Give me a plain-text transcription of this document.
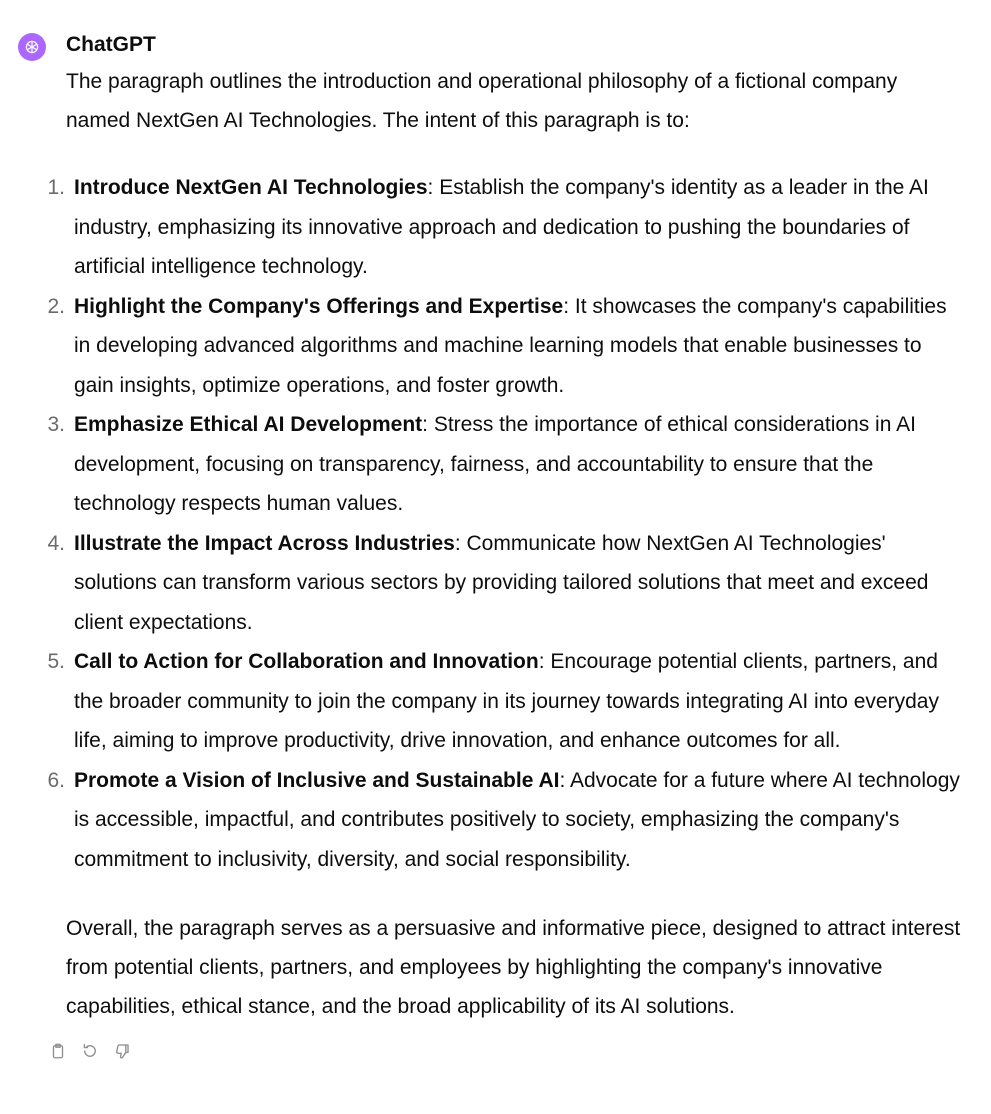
ChatGPT

The paragraph outlines the introduction and operational philosophy of a fictional company named NextGen AI Technologies. The intent of this paragraph is to:

1. Introduce NextGen AI Technologies: Establish the company's identity as a leader in the AI industry, emphasizing its innovative approach and dedication to pushing the boundaries of artificial intelligence technology.
2. Highlight the Company's Offerings and Expertise: It showcases the company's capabilities in developing advanced algorithms and machine learning models that enable businesses to gain insights, optimize operations, and foster growth.
3. Emphasize Ethical AI Development: Stress the importance of ethical considerations in AI development, focusing on transparency, fairness, and accountability to ensure that the technology respects human values.
4. Illustrate the Impact Across Industries: Communicate how NextGen AI Technologies' solutions can transform various sectors by providing tailored solutions that meet and exceed client expectations.
5. Call to Action for Collaboration and Innovation: Encourage potential clients, partners, and the broader community to join the company in its journey towards integrating AI into everyday life, aiming to improve productivity, drive innovation, and enhance outcomes for all.
6. Promote a Vision of Inclusive and Sustainable AI: Advocate for a future where AI technology is accessible, impactful, and contributes positively to society, emphasizing the company's commitment to inclusivity, diversity, and social responsibility.

Overall, the paragraph serves as a persuasive and informative piece, designed to attract interest from potential clients, partners, and employees by highlighting the company's innovative capabilities, ethical stance, and the broad applicability of its AI solutions.
